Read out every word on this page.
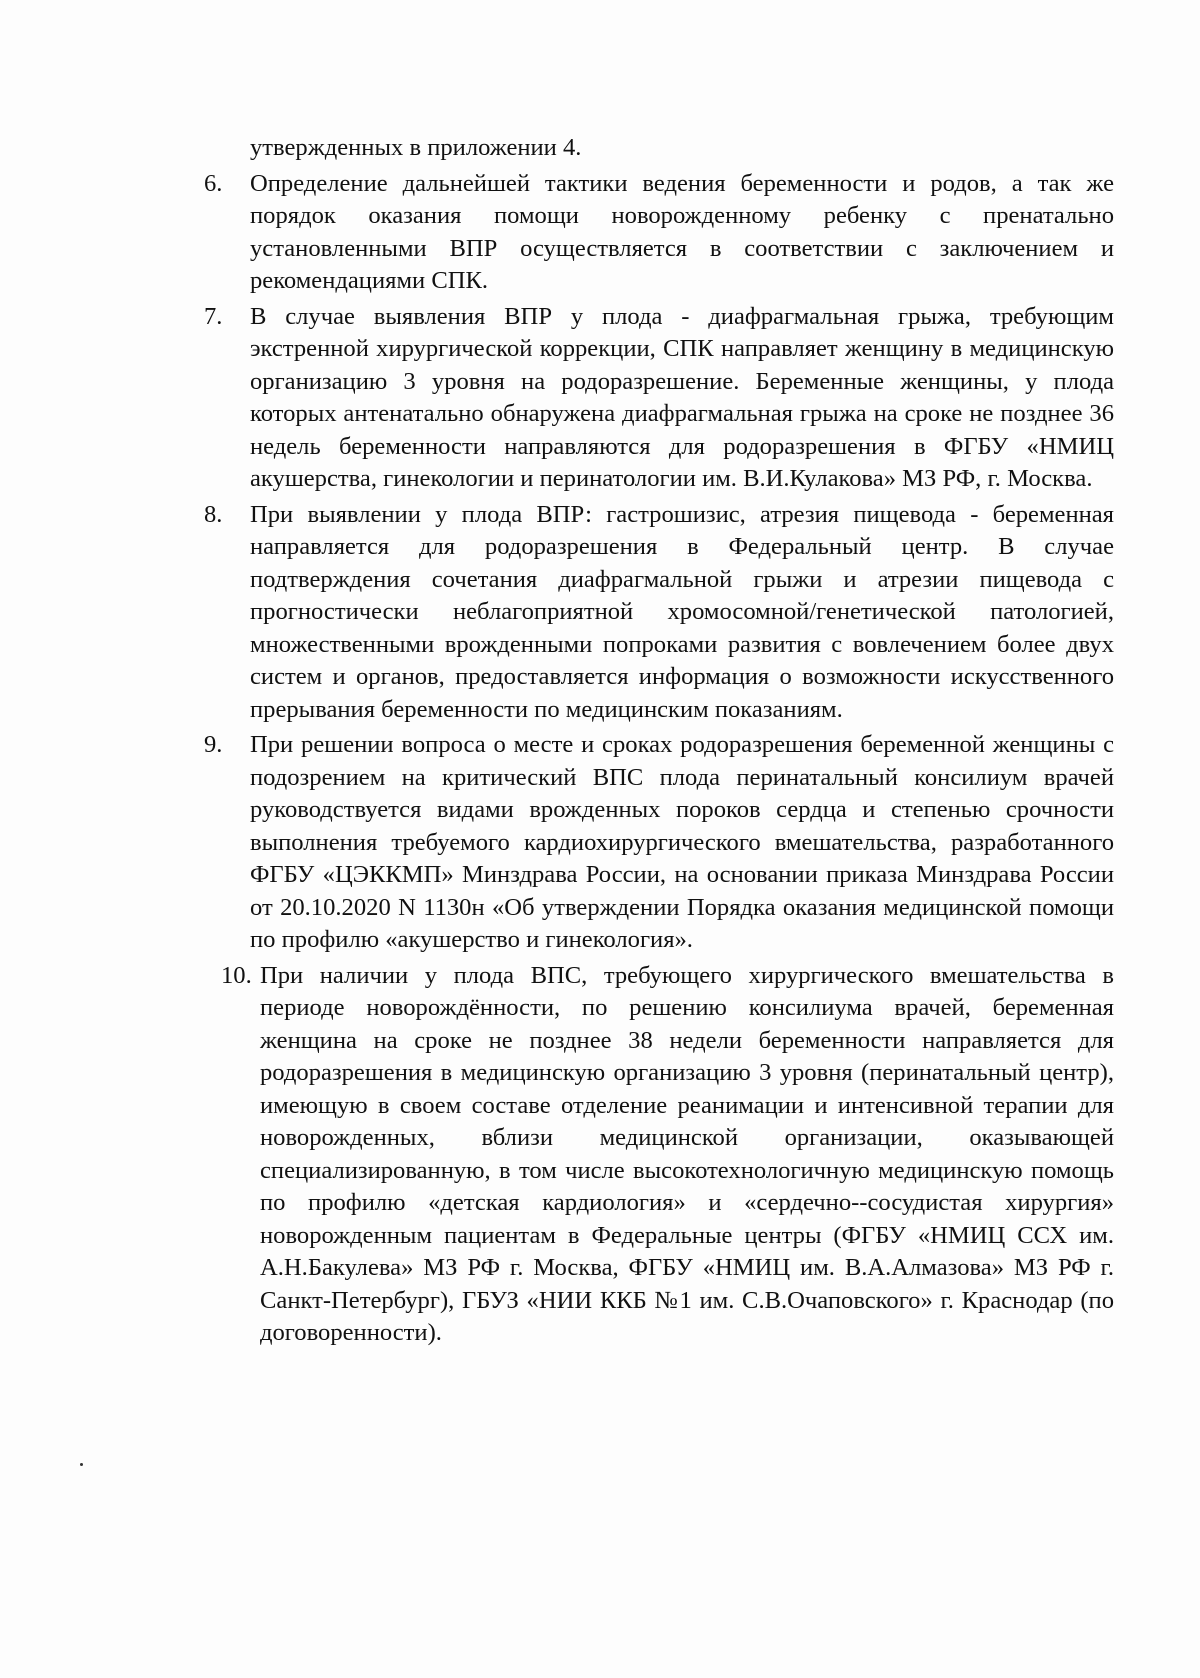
утвержденных в приложении 4.

6. Определение дальнейшей тактики ведения беременности и родов, а так же порядок оказания помощи новорожденному ребенку с пренатально установленными ВПР осуществляется в соответствии с заключением и рекомендациями СПК.
7. В случае выявления ВПР у плода - диафрагмальная грыжа, требующим экстренной хирургической коррекции, СПК направляет женщину в медицинскую организацию 3 уровня на родоразрешение. Беременные женщины, у плода которых антенатально обнаружена диафрагмальная грыжа на сроке не позднее 36 недель беременности направляются для родоразрешения в ФГБУ «НМИЦ акушерства, гинекологии и перинатологии им. В.И.Кулакова» МЗ РФ, г. Москва.
8. При выявлении у плода ВПР: гастрошизис, атрезия пищевода - беременная направляется для родоразрешения в Федеральный центр. В случае подтверждения сочетания диафрагмальной грыжи и атрезии пищевода с прогностически неблагоприятной хромосомной/генетической патологией, множественными врожденными попроками развития с вовлечением более двух систем и органов, предоставляется информация о возможности искусственного прерывания беременности по медицинским показаниям.
9. При решении вопроса о месте и сроках родоразрешения беременной женщины с подозрением на критический ВПС плода перинатальный консилиум врачей руководствуется видами врожденных пороков сердца и степенью срочности выполнения требуемого кардиохирургического вмешательства, разработанного ФГБУ «ЦЭККМП» Минздрава России, на основании приказа Минздрава России от 20.10.2020 N 1130н «Об утверждении Порядка оказания медицинской помощи по профилю «акушерство и гинекология».
10. При наличии у плода ВПС, требующего хирургического вмешательства в периоде новорождённости, по решению консилиума врачей, беременная женщина на сроке не позднее 38 недели беременности направляется для родоразрешения в медицинскую организацию 3 уровня (перинатальный центр), имеющую в своем составе отделение реанимации и интенсивной терапии для новорожденных, вблизи медицинской организации, оказывающей специализированную, в том числе высокотехнологичную медицинскую помощь по профилю «детская кардиология» и «сердечно--сосудистая хирургия» новорожденным пациентам в Федеральные центры (ФГБУ «НМИЦ ССХ им. А.Н.Бакулева» МЗ РФ г. Москва, ФГБУ «НМИЦ им. В.А.Алмазова» МЗ РФ г. Санкт-Петербург), ГБУЗ «НИИ ККБ №1 им. С.В.Очаповского» г. Краснодар (по договоренности).
